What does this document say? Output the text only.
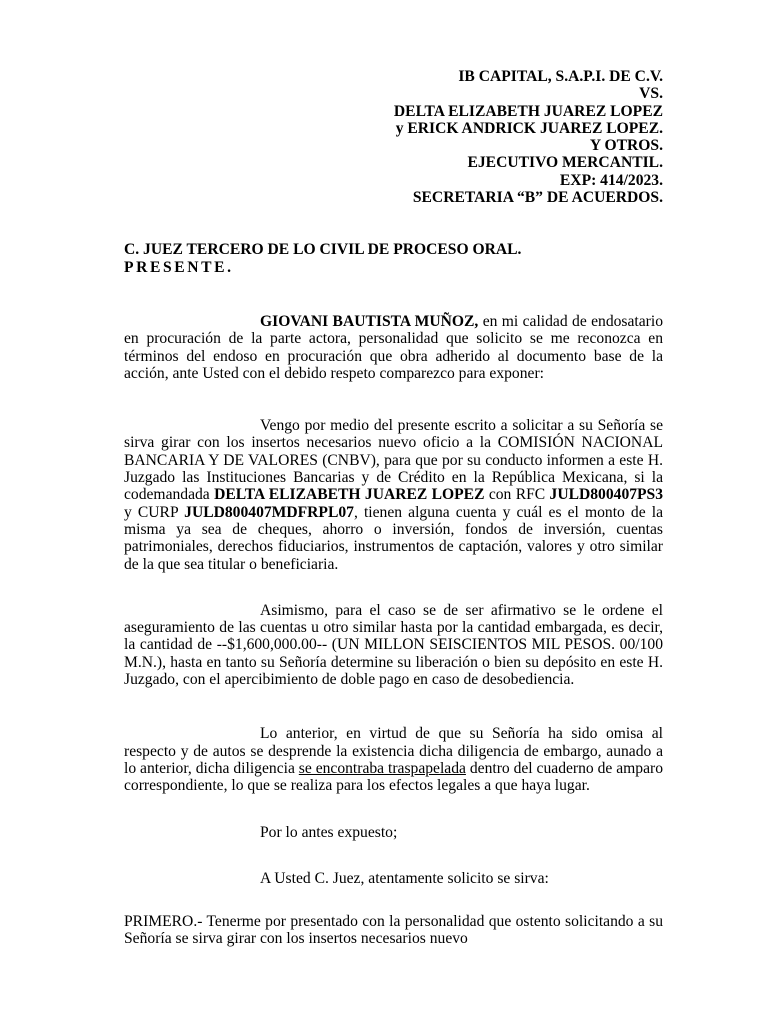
IB CAPITAL, S.A.P.I. DE C.V.
VS.
DELTA ELIZABETH JUAREZ LOPEZ
y ERICK ANDRICK JUAREZ LOPEZ.
Y OTROS.
EJECUTIVO MERCANTIL.
EXP: 414/2023.
SECRETARIA “B” DE ACUERDOS.
C. JUEZ TERCERO DE LO CIVIL DE PROCESO ORAL.
PRESENTE.

GIOVANI BAUTISTA MUÑOZ, en mi calidad de endosatario en procuración de la parte actora, personalidad que solicito se me reconozca en términos del endoso en procuración que obra adherido al documento base de la acción, ante Usted con el debido respeto comparezco para exponer:

Vengo por medio del presente escrito a solicitar a su Señoría se sirva girar con los insertos necesarios nuevo oficio a la COMISIÓN NACIONAL BANCARIA Y DE VALORES (CNBV), para que por su conducto informen a este H. Juzgado las Instituciones Bancarias y de Crédito en la República Mexicana, si la codemandada DELTA ELIZABETH JUAREZ LOPEZ con RFC JULD800407PS3 y CURP JULD800407MDFRPL07, tienen alguna cuenta y cuál es el monto de la misma ya sea de cheques, ahorro o inversión, fondos de inversión, cuentas patrimoniales, derechos fiduciarios, instrumentos de captación, valores y otro similar de la que sea titular o beneficiaria.

Asimismo, para el caso se de ser afirmativo se le ordene el aseguramiento de las cuentas u otro similar hasta por la cantidad embargada, es decir, la cantidad de --$1,600,000.00-- (UN MILLON SEISCIENTOS MIL PESOS. 00/100 M.N.), hasta en tanto su Señoría determine su liberación o bien su depósito en este H. Juzgado, con el apercibimiento de doble pago en caso de desobediencia.

Lo anterior, en virtud de que su Señoría ha sido omisa al respecto y de autos se desprende la existencia dicha diligencia de embargo, aunado a lo anterior, dicha diligencia se encontraba traspapelada dentro del cuaderno de amparo correspondiente, lo que se realiza para los efectos legales a que haya lugar.

Por lo antes expuesto;

A Usted C. Juez, atentamente solicito se sirva:

PRIMERO.- Tenerme por presentado con la personalidad que ostento solicitando a su Señoría se sirva girar con los insertos necesarios nuevo
